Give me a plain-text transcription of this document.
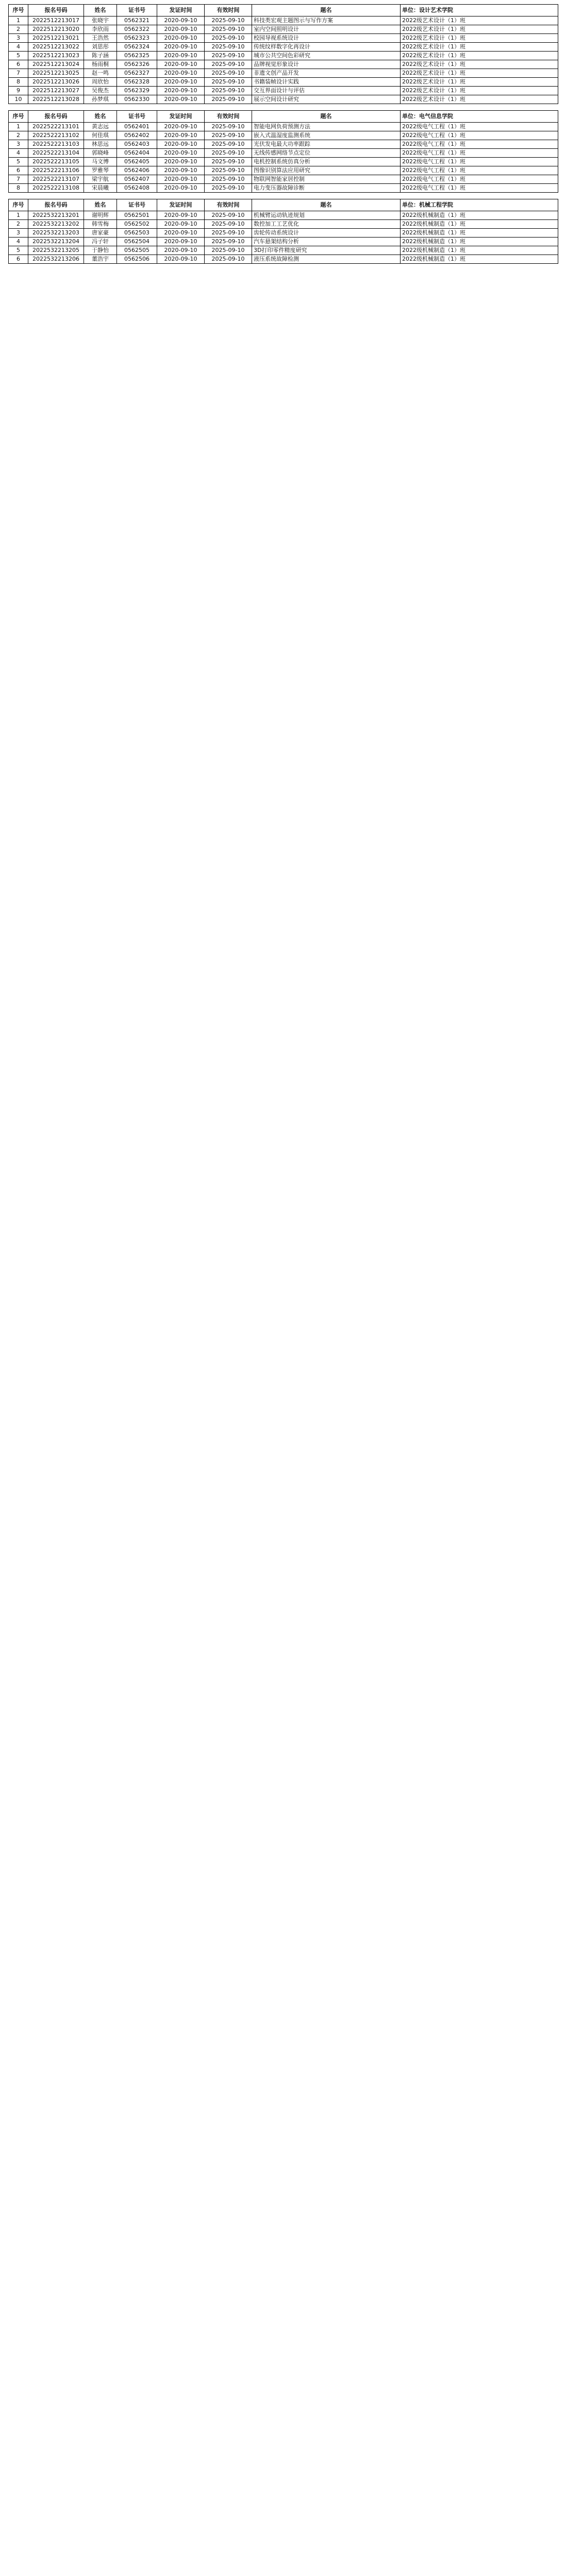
序号	报名号码	姓名	证书号	发证时间	有效时间	题名	单位：设计艺术学院
1	2022512213017	张晓宇	0562321	2020-09-10	2025-09-10	科技类宏观主题图示与写作方案	2022级艺术设计（1）班
2	2022512213020	李欣雨	0562322	2020-09-10	2025-09-10	室内空间照明设计	2022级艺术设计（1）班
3	2022512213021	王浩然	0562323	2020-09-10	2025-09-10	校园导视系统设计	2022级艺术设计（1）班
4	2022512213022	刘思彤	0562324	2020-09-10	2025-09-10	传统纹样数字化再设计	2022级艺术设计（1）班
5	2022512213023	陈子涵	0562325	2020-09-10	2025-09-10	城市公共空间色彩研究	2022级艺术设计（1）班
6	2022512213024	杨雨桐	0562326	2020-09-10	2025-09-10	品牌视觉形象设计	2022级艺术设计（1）班
7	2022512213025	赵一鸣	0562327	2020-09-10	2025-09-10	非遗文创产品开发	2022级艺术设计（1）班
8	2022512213026	周欣怡	0562328	2020-09-10	2025-09-10	书籍装帧设计实践	2022级艺术设计（1）班
9	2022512213027	吴俊杰	0562329	2020-09-10	2025-09-10	交互界面设计与评估	2022级艺术设计（1）班
10	2022512213028	孙梦琪	0562330	2020-09-10	2025-09-10	展示空间设计研究	2022级艺术设计（1）班
序号	报名号码	姓名	证书号	发证时间	有效时间	题名	单位：电气信息学院
1	2022522213101	黄志远	0562401	2020-09-10	2025-09-10	智能电网负荷预测方法	2022级电气工程（1）班
2	2022522213102	何佳琪	0562402	2020-09-10	2025-09-10	嵌入式温湿度监测系统	2022级电气工程（1）班
3	2022522213103	林思远	0562403	2020-09-10	2025-09-10	光伏发电最大功率跟踪	2022级电气工程（1）班
4	2022522213104	郭晓峰	0562404	2020-09-10	2025-09-10	无线传感网络节点定位	2022级电气工程（1）班
5	2022522213105	马文博	0562405	2020-09-10	2025-09-10	电机控制系统仿真分析	2022级电气工程（1）班
6	2022522213106	罗雅琴	0562406	2020-09-10	2025-09-10	图像识别算法应用研究	2022级电气工程（1）班
7	2022522213107	梁宇航	0562407	2020-09-10	2025-09-10	物联网智能家居控制	2022级电气工程（1）班
8	2022522213108	宋晨曦	0562408	2020-09-10	2025-09-10	电力变压器故障诊断	2022级电气工程（1）班
序号	报名号码	姓名	证书号	发证时间	有效时间	题名	单位：机械工程学院
1	2022532213201	谢明辉	0562501	2020-09-10	2025-09-10	机械臂运动轨迹规划	2022级机械制造（1）班
2	2022532213202	韩雪梅	0562502	2020-09-10	2025-09-10	数控加工工艺优化	2022级机械制造（1）班
3	2022532213203	唐家豪	0562503	2020-09-10	2025-09-10	齿轮传动系统设计	2022级机械制造（1）班
4	2022532213204	冯子轩	0562504	2020-09-10	2025-09-10	汽车悬架结构分析	2022级机械制造（1）班
5	2022532213205	于静怡	0562505	2020-09-10	2025-09-10	3D打印零件精度研究	2022级机械制造（1）班
6	2022532213206	董浩宇	0562506	2020-09-10	2025-09-10	液压系统故障检测	2022级机械制造（1）班
